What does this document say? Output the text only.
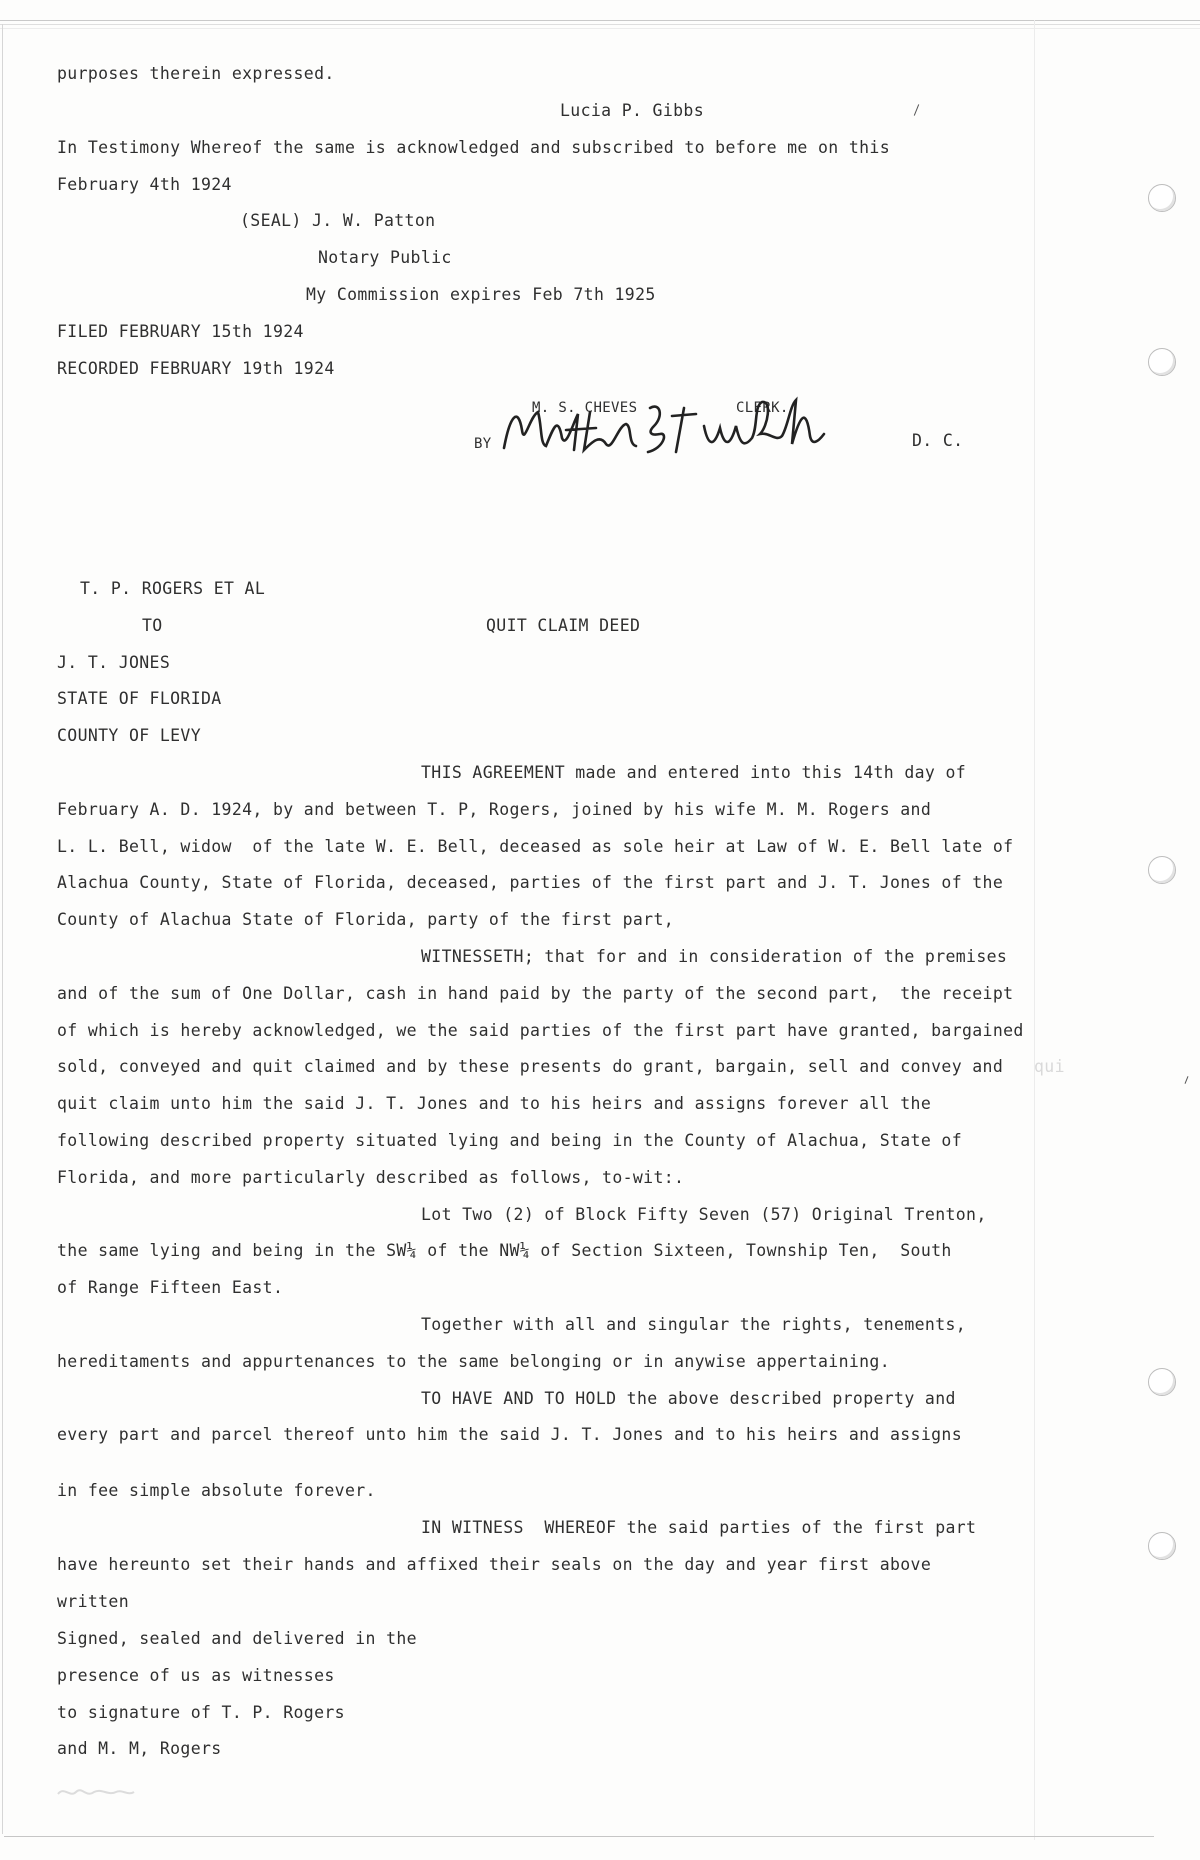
purposes therein expressed.
Lucia P. Gibbs
In Testimony Whereof the same is acknowledged and subscribed to before me on this
February 4th 1924
(SEAL) J. W. Patton
Notary Public
My Commission expires Feb 7th 1925
FILED FEBRUARY 15th 1924
RECORDED FEBRUARY 19th 1924
M. S. CHEVES	CLERK.
BY	D. C.
T. P. ROGERS ET AL
TO	QUIT CLAIM DEED
J. T. JONES
STATE OF FLORIDA
COUNTY OF LEVY
THIS AGREEMENT made and entered into this 14th day of
February A. D. 1924, by and between T. P, Rogers, joined by his wife M. M. Rogers and
L. L. Bell, widow  of the late W. E. Bell, deceased as sole heir at Law of W. E. Bell late of
Alachua County, State of Florida, deceased, parties of the first part and J. T. Jones of the
County of Alachua State of Florida, party of the first part,
WITNESSETH; that for and in consideration of the premises
and of the sum of One Dollar, cash in hand paid by the party of the second part,  the receipt
of which is hereby acknowledged, we the said parties of the first part have granted, bargained
sold, conveyed and quit claimed and by these presents do grant, bargain, sell and convey and qui
quit claim unto him the said J. T. Jones and to his heirs and assigns forever all the
following described property situated lying and being in the County of Alachua, State of
Florida, and more particularly described as follows, to-wit:.
Lot Two (2) of Block Fifty Seven (57) Original Trenton,
the same lying and being in the SW¼ of the NW¼ of Section Sixteen, Township Ten,  South
of Range Fifteen East.
Together with all and singular the rights, tenements,
hereditaments and appurtenances to the same belonging or in anywise appertaining.
TO HAVE AND TO HOLD the above described property and
every part and parcel thereof unto him the said J. T. Jones and to his heirs and assigns
in fee simple absolute forever.
IN WITNESS  WHEREOF the said parties of the first part
have hereunto set their hands and affixed their seals on the day and year first above
written
Signed, sealed and delivered in the
presence of us as witnesses
to signature of T. P. Rogers
and M. M, Rogers
